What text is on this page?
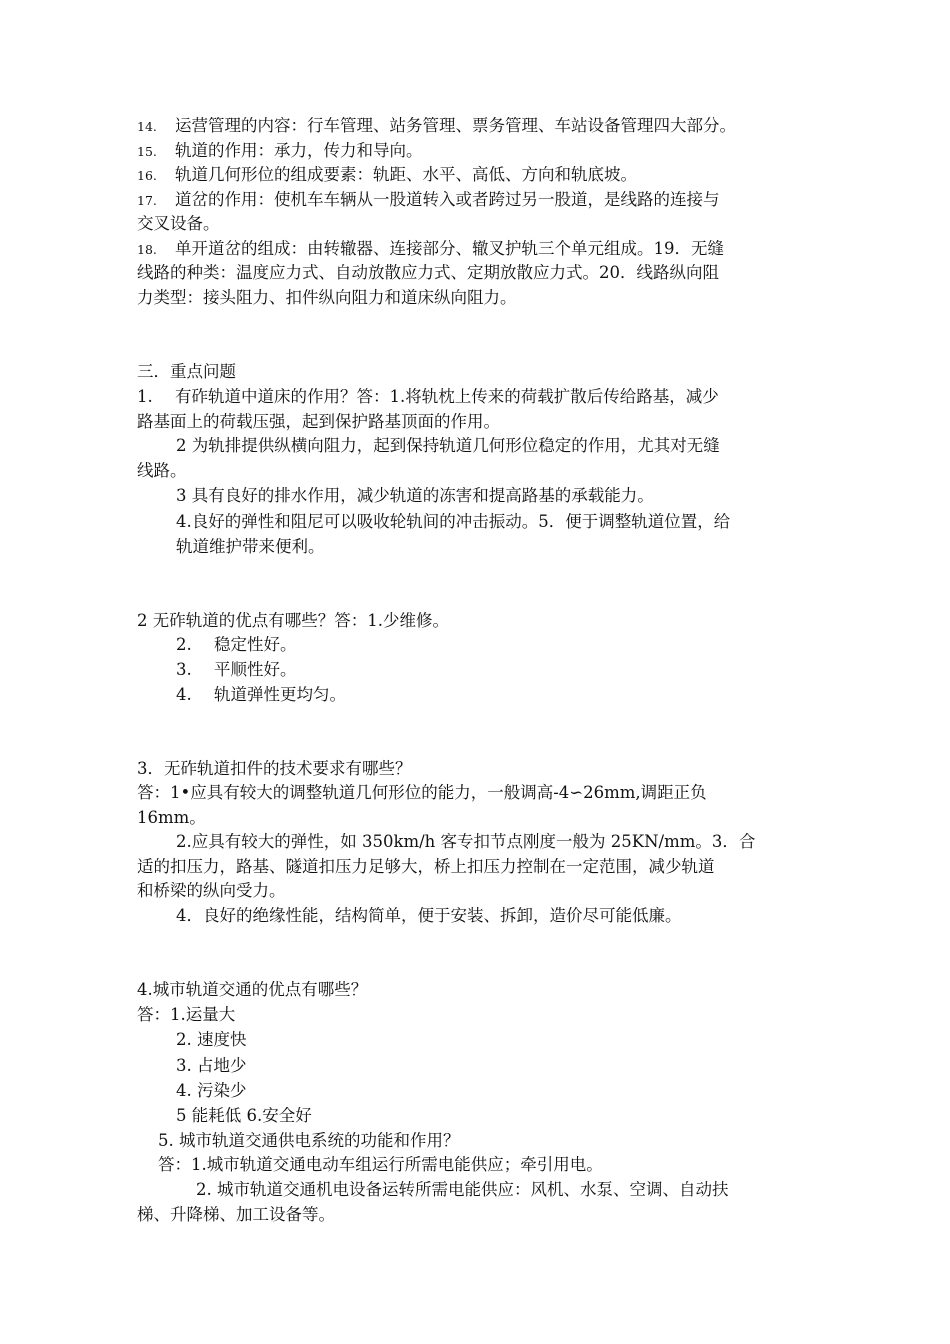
14. 运营管理的内容：行车管理、站务管理、票务管理、车站设备管理四大部分。
15. 轨道的作用：承力，传力和导向。
16. 轨道几何形位的组成要素：轨距、水平、高低、方向和轨底坡。
17. 道岔的作用：使机车车辆从一股道转入或者跨过另一股道，是线路的连接与
交叉设备。
18. 单开道岔的组成：由转辙器、连接部分、辙叉护轨三个单元组成。19．无缝
线路的种类：温度应力式、自动放散应力式、定期放散应力式。20．线路纵向阻
力类型：接头阻力、扣件纵向阻力和道床纵向阻力。
三．重点问题
1. 有砟轨道中道床的作用？答：1.将轨枕上传来的荷载扩散后传给路基，减少
路基面上的荷载压强，起到保护路基顶面的作用。
2 为轨排提供纵横向阻力，起到保持轨道几何形位稳定的作用，尤其对无缝
线路。
3 具有良好的排水作用，减少轨道的冻害和提高路基的承载能力。
4.良好的弹性和阻尼可以吸收轮轨间的冲击振动。5．便于调整轨道位置，给
轨道维护带来便利。
2 无砟轨道的优点有哪些？答：1.少维修。
2. 稳定性好。
3. 平顺性好。
4. 轨道弹性更均匀。
3．无砟轨道扣件的技术要求有哪些？
答：1•应具有较大的调整轨道几何形位的能力，一般调高-4∽26mm,调距正负
16mm。
2.应具有较大的弹性，如 350km/h 客专扣节点刚度一般为 25KN/mm。3．合
适的扣压力，路基、隧道扣压力足够大，桥上扣压力控制在一定范围，减少轨道
和桥梁的纵向受力。
4．良好的绝缘性能，结构简单，便于安装、拆卸，造价尽可能低廉。
4.城市轨道交通的优点有哪些？
答：1.运量大
2. 速度快
3. 占地少
4. 污染少
5 能耗低 6.安全好
5. 城市轨道交通供电系统的功能和作用？
答：1.城市轨道交通电动车组运行所需电能供应；牵引用电。
2. 城市轨道交通机电设备运转所需电能供应：风机、水泵、空调、自动扶
梯、升降梯、加工设备等。
